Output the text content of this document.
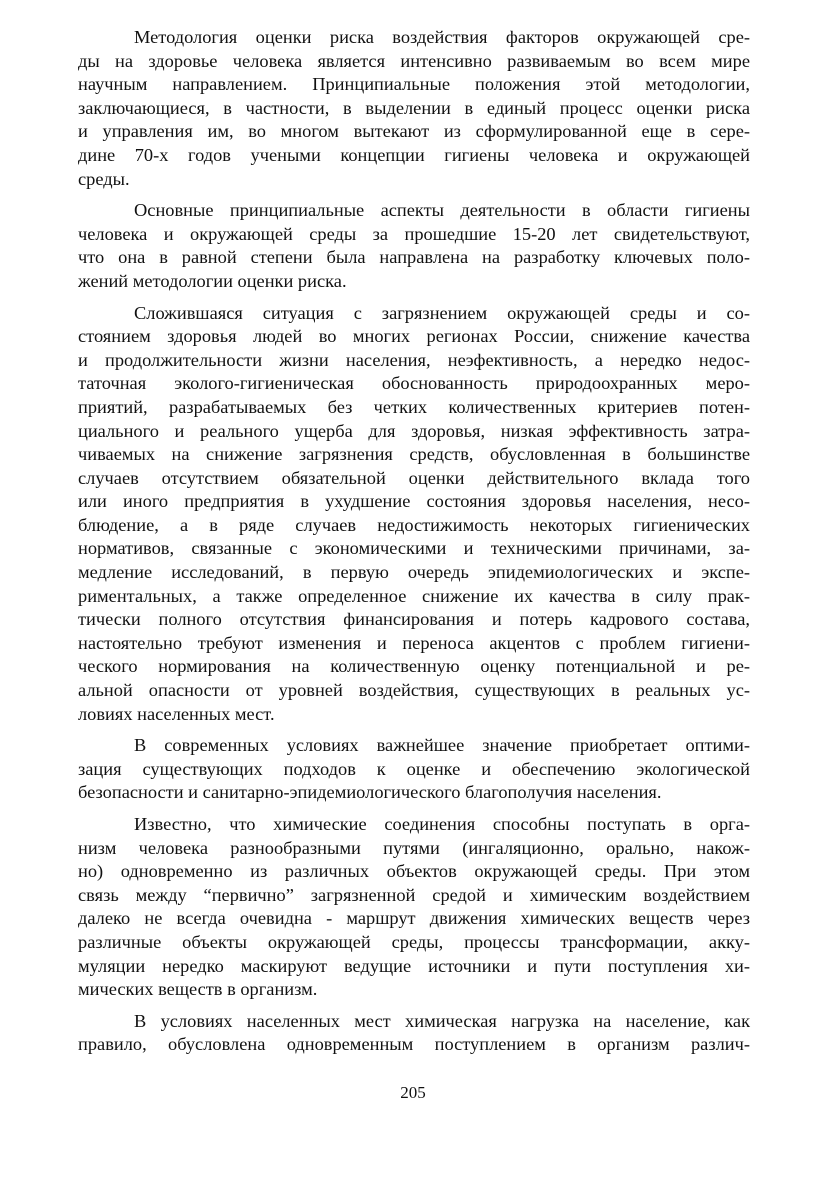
Методология оценки риска воздействия факторов окружающей сре-
ды на здоровье человека является интенсивно развиваемым во всем мире
научным направлением. Принципиальные положения этой методологии,
заключающиеся, в частности, в выделении в единый процесс оценки риска
и управления им, во многом вытекают из сформулированной еще в сере-
дине 70-х годов учеными концепции гигиены человека и окружающей
среды.
Основные принципиальные аспекты деятельности в области гигиены
человека и окружающей среды за прошедшие 15-20 лет свидетельствуют,
что она в равной степени была направлена на разработку ключевых поло-
жений методологии оценки риска.
Сложившаяся ситуация с загрязнением окружающей среды и со-
стоянием здоровья людей во многих регионах России, снижение качества
и продолжительности жизни населения, неэфективность, а нередко недос-
таточная эколого-гигиеническая обоснованность природоохранных меро-
приятий, разрабатываемых без четких количественных критериев потен-
циального и реального ущерба для здоровья, низкая эффективность затра-
чиваемых на снижение загрязнения средств, обусловленная в большинстве
случаев отсутствием обязательной оценки действительного вклада того
или иного предприятия в ухудшение состояния здоровья населения, несо-
блюдение, а в ряде случаев недостижимость некоторых гигиенических
нормативов, связанные с экономическими и техническими причинами, за-
медление исследований, в первую очередь эпидемиологических и экспе-
риментальных, а также определенное снижение их качества в силу прак-
тически полного отсутствия финансирования и потерь кадрового состава,
настоятельно требуют изменения и переноса акцентов с проблем гигиени-
ческого нормирования на количественную оценку потенциальной и ре-
альной опасности от уровней воздействия, существующих в реальных ус-
ловиях населенных мест.
В современных условиях важнейшее значение приобретает оптими-
зация существующих подходов к оценке и обеспечению экологической
безопасности и санитарно-эпидемиологического благополучия населения.
Известно, что химические соединения способны поступать в орга-
низм человека разнообразными путями (ингаляционно, орально, накож-
но) одновременно из различных объектов окружающей среды. При этом
связь между “первично” загрязненной средой и химическим воздействием
далеко не всегда очевидна - маршрут движения химических веществ через
различные объекты окружающей среды, процессы трансформации, акку-
муляции нередко маскируют ведущие источники и пути поступления хи-
мических веществ в организм.
В условиях населенных мест химическая нагрузка на население, как
правило, обусловлена одновременным поступлением в организм различ-
205
